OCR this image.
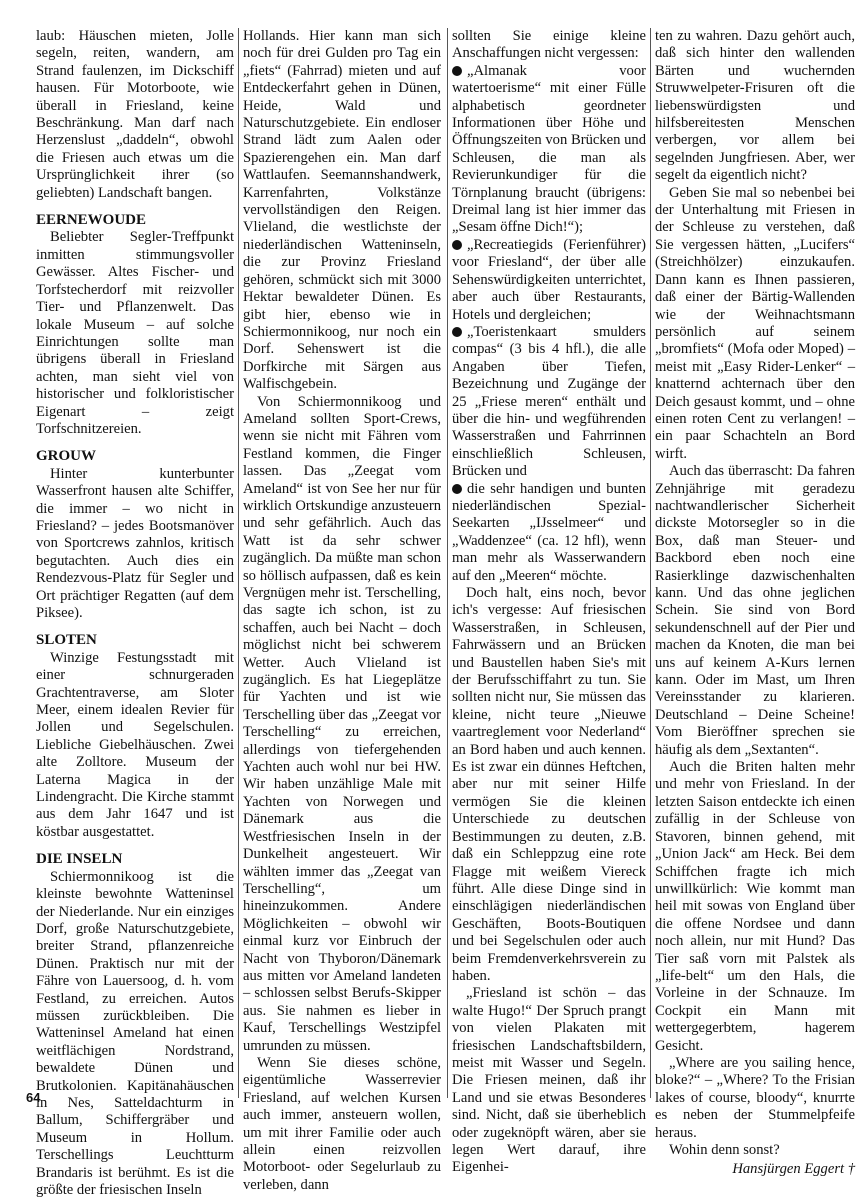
laub: Häuschen mieten, Jolle segeln, reiten, wandern, am Strand faulenzen, im Dickschiff hausen. Für Motorboote, wie überall in Friesland, keine Beschränkung. Man darf nach Herzenslust „daddeln“, obwohl die Friesen auch etwas um die Ursprünglichkeit ihrer (so geliebten) Landschaft bangen.

EERNEWOUDE

Beliebter Segler-Treffpunkt inmitten stimmungsvoller Gewässer. Altes Fischer- und Torfstecherdorf mit reizvoller Tier- und Pflanzenwelt. Das lokale Museum – auf solche Einrichtungen sollte man übrigens überall in Friesland achten, man sieht viel von historischer und folkloristischer Eigenart – zeigt Torfschnitzereien.

GROUW

Hinter kunterbunter Wasserfront hausen alte Schiffer, die immer – wo nicht in Friesland? – jedes Bootsmanöver von Sportcrews zahnlos, kritisch begutachten. Auch dies ein Rendezvous-Platz für Segler und Ort prächtiger Regatten (auf dem Piksee).

SLOTEN

Winzige Festungsstadt mit einer schnurgeraden Grachtentraverse, am Sloter Meer, einem idealen Revier für Jollen und Segelschulen. Liebliche Giebelhäuschen. Zwei alte Zolltore. Museum der Laterna Magica in der Lindengracht. Die Kirche stammt aus dem Jahr 1647 und ist köstbar ausgestattet.

DIE INSELN

Schiermonnikoog ist die kleinste bewohnte Watteninsel der Niederlande. Nur ein einziges Dorf, große Naturschutzgebiete, breiter Strand, pflanzenreiche Dünen. Praktisch nur mit der Fähre von Lauersoog, d. h. vom Festland, zu erreichen. Autos müssen zurückbleiben. Die Watteninsel Ameland hat einen weitflächigen Nordstrand, bewaldete Dünen und Brutkolonien. Kapitänahäuschen in Nes, Satteldachturm in Ballum, Schiffergräber und Museum in Hollum. Terschellings Leuchtturm Brandaris ist berühmt. Es ist die größte der friesischen Inseln

Hollands. Hier kann man sich noch für drei Gulden pro Tag ein „fiets“ (Fahrrad) mieten und auf Entdeckerfahrt gehen in Dünen, Heide, Wald und Naturschutzgebiete. Ein endloser Strand lädt zum Aalen oder Spazierengehen ein. Man darf Wattlaufen. Seemannshandwerk, Karrenfahrten, Volkstänze vervollständigen den Reigen. Vlieland, die westlichste der niederländischen Watteninseln, die zur Provinz Friesland gehören, schmückt sich mit 3000 Hektar bewaldeter Dünen. Es gibt hier, ebenso wie in Schiermonnikoog, nur noch ein Dorf. Sehenswert ist die Dorfkirche mit Särgen aus Walfischgebein.

Von Schiermonnikoog und Ameland sollten Sport-Crews, wenn sie nicht mit Fähren vom Festland kommen, die Finger lassen. Das „Zeegat vom Ameland“ ist von See her nur für wirklich Ortskundige anzusteuern und sehr gefährlich. Auch das Watt ist da sehr schwer zugänglich. Da müßte man schon so höllisch aufpassen, daß es kein Vergnügen mehr ist. Terschelling, das sagte ich schon, ist zu schaffen, auch bei Nacht – doch möglichst nicht bei schwerem Wetter. Auch Vlieland ist zugänglich. Es hat Liegeplätze für Yachten und ist wie Terschelling über das „Zeegat vor Terschelling“ zu erreichen, allerdings von tiefergehenden Yachten auch wohl nur bei HW. Wir haben unzählige Male mit Yachten von Norwegen und Dänemark aus die Westfriesischen Inseln in der Dunkelheit angesteuert. Wir wählten immer das „Zeegat van Terschelling“, um hineinzukommen. Andere Möglichkeiten – obwohl wir einmal kurz vor Einbruch der Nacht von Thyboron/Dänemark aus mitten vor Ameland landeten – schlossen selbst Berufs-Skipper aus. Sie nahmen es lieber in Kauf, Terschellings Westzipfel umrunden zu müssen.

Wenn Sie dieses schöne, eigentümliche Wasserrevier Friesland, auf welchen Kursen auch immer, ansteuern wollen, um mit ihrer Familie oder auch allein einen reizvollen Motorboot- oder Segelurlaub zu verleben, dann

sollten Sie einige kleine Anschaffungen nicht vergessen:

„Almanak voor watertoerisme“ mit einer Fülle alphabetisch geordneter Informationen über Höhe und Öffnungszeiten von Brücken und Schleusen, die man als Revierunkundiger für die Törnplanung braucht (übrigens: Dreimal lang ist hier immer das „Sesam öffne Dich!“);

„Recreatiegids (Ferienführer) voor Friesland“, der über alle Sehenswürdigkeiten unterrichtet, aber auch über Restaurants, Hotels und dergleichen;

„Toeristenkaart smulders compas“ (3 bis 4 hfl.), die alle Angaben über Tiefen, Bezeichnung und Zugänge der 25 „Friese meren“ enthält und über die hin- und wegführenden Wasserstraßen und Fahrrinnen einschließlich Schleusen, Brücken und

die sehr handigen und bunten niederländischen Spezial-Seekarten „IJsselmeer“ und „Waddenzee“ (ca. 12 hfl), wenn man mehr als Wasserwandern auf den „Meeren“ möchte.

Doch halt, eins noch, bevor ich's vergesse: Auf friesischen Wasserstraßen, in Schleusen, Fahrwässern und an Brücken und Baustellen haben Sie's mit der Berufsschiffahrt zu tun. Sie sollten nicht nur, Sie müssen das kleine, nicht teure „Nieuwe vaartreglement voor Nederland“ an Bord haben und auch kennen. Es ist zwar ein dünnes Heftchen, aber nur mit seiner Hilfe vermögen Sie die kleinen Unterschiede zu deutschen Bestimmungen zu deuten, z.B. daß ein Schleppzug eine rote Flagge mit weißem Viereck führt. Alle diese Dinge sind in einschlägigen niederländischen Geschäften, Boots-Boutiquen und bei Segelschulen oder auch beim Fremdenverkehrsverein zu haben.

„Friesland ist schön – das walte Hugo!“ Der Spruch prangt von vielen Plakaten mit friesischen Landschaftsbildern, meist mit Wasser und Segeln. Die Friesen meinen, daß ihr Land und sie etwas Besonderes sind. Nicht, daß sie überheblich oder zugeknöpft wären, aber sie legen Wert darauf, ihre Eigenhei-

ten zu wahren. Dazu gehört auch, daß sich hinter den wallenden Bärten und wuchernden Struwwelpeter-Frisuren oft die liebenswürdigsten und hilfsbereitesten Menschen verbergen, vor allem bei segelnden Jungfriesen. Aber, wer segelt da eigentlich nicht?

Geben Sie mal so nebenbei bei der Unterhaltung mit Friesen in der Schleuse zu verstehen, daß Sie vergessen hätten, „Lucifers“ (Streichhölzer) einzukaufen. Dann kann es Ihnen passieren, daß einer der Bärtig-Wallenden wie der Weihnachtsmann persönlich auf seinem „bromfiets“ (Mofa oder Moped) – meist mit „Easy Rider-Lenker“ – knatternd achternach über den Deich gesaust kommt, und – ohne einen roten Cent zu verlangen! – ein paar Schachteln an Bord wirft.

Auch das überrascht: Da fahren Zehnjährige mit geradezu nachtwandlerischer Sicherheit dickste Motorsegler so in die Box, daß man Steuer- und Backbord eben noch eine Rasierklinge dazwischenhalten kann. Und das ohne jeglichen Schein. Sie sind von Bord sekundenschnell auf der Pier und machen da Knoten, die man bei uns auf keinem A-Kurs lernen kann. Oder im Mast, um Ihren Vereinsstander zu klarieren. Deutschland – Deine Scheine! Vom Bieröffner sprechen sie häufig als dem „Sextanten“.

Auch die Briten halten mehr und mehr von Friesland. In der letzten Saison entdeckte ich einen zufällig in der Schleuse von Stavoren, binnen gehend, mit „Union Jack“ am Heck. Bei dem Schiffchen fragte ich mich unwillkürlich: Wie kommt man heil mit sowas von England über die offene Nordsee und dann noch allein, nur mit Hund? Das Tier saß vorn mit Palstek als „life-belt“ um den Hals, die Vorleine in der Schnauze. Im Cockpit ein Mann mit wettergegerbtem, hagerem Gesicht.

„Where are you sailing hence, bloke?“ – „Where? To the Frisian lakes of course, bloody“, knurrte es neben der Stummelpfeife heraus.

Wohin denn sonst?

Hansjürgen Eggert †

64
